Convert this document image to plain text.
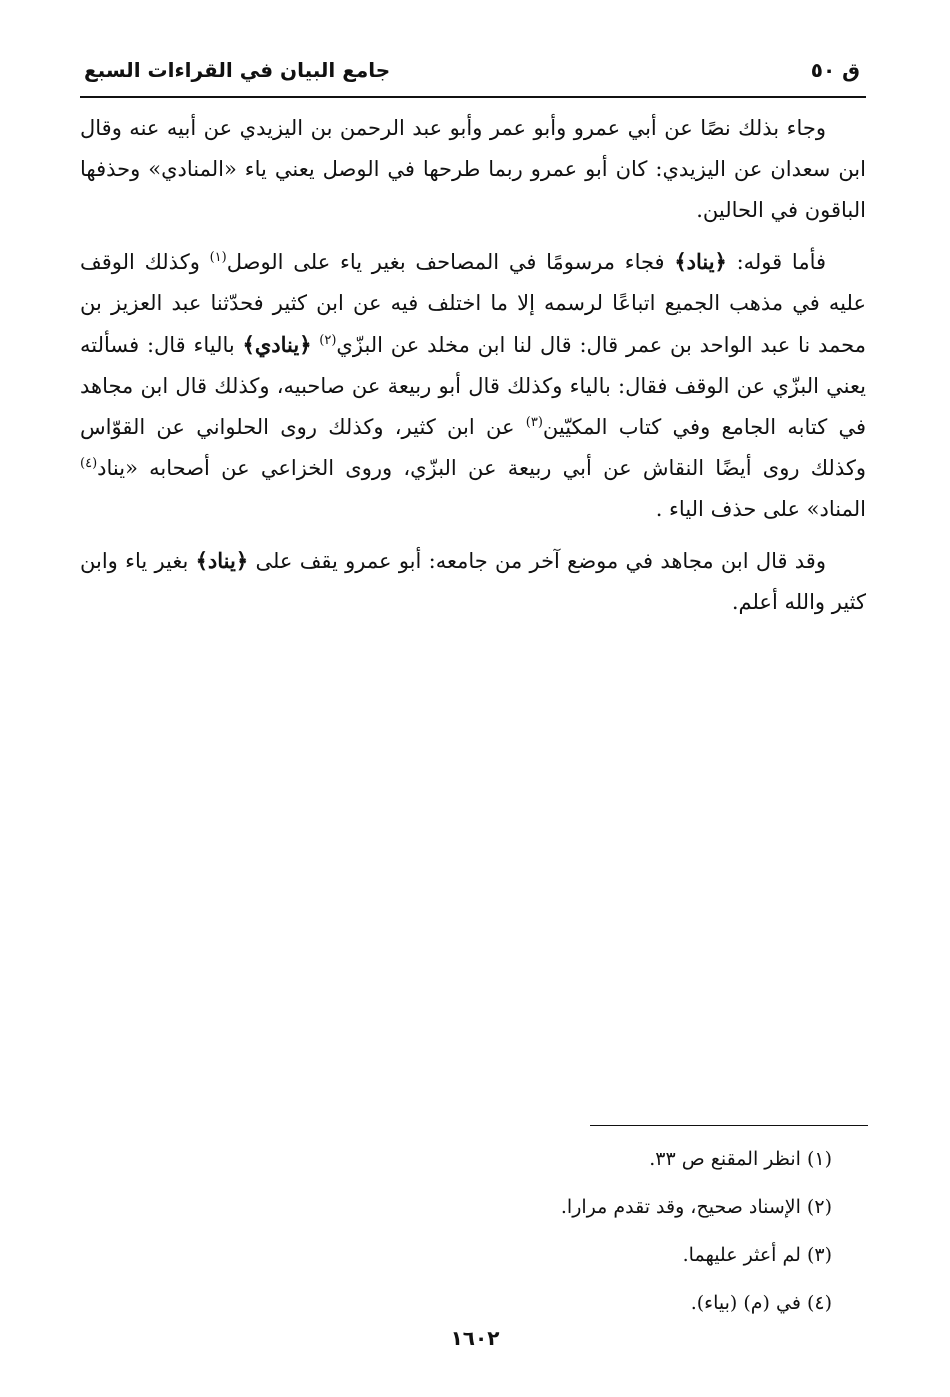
ق ٥٠
جامع البيان في القراءات السبع

وجاء بذلك نصًا عن أبي عمرو وأبو عمر وأبو عبد الرحمن بن اليزيدي عن أبيه عنه وقال ابن سعدان عن اليزيدي: كان أبو عمرو ربما طرحها في الوصل يعني ياء «المنادي» وحذفها الباقون في الحالين.

فأما قوله: ﴿يناد﴾ فجاء مرسومًا في المصاحف بغير ياء على الوصل$^{(١)}$ وكذلك الوقف عليه في مذهب الجميع اتباعًا لرسمه إلا ما اختلف فيه عن ابن كثير فحدّثنا عبد العزيز بن محمد نا عبد الواحد بن عمر قال: قال لنا ابن مخلد عن البزّي$^{(٢)}$ ﴿ينادي﴾ بالياء قال: فسألته يعني البزّي عن الوقف فقال: بالياء وكذلك قال أبو ربيعة عن صاحبيه، وكذلك قال ابن مجاهد في كتابه الجامع وفي كتاب المكيّين$^{(٣)}$ عن ابن كثير، وكذلك روى الحلواني عن القوّاس وكذلك روى أيضًا النقاش عن أبي ربيعة عن البزّي، وروى الخزاعي عن أصحابه «يناد$^{(٤)}$ المناد» على حذف الياء .

وقد قال ابن مجاهد في موضع آخر من جامعه: أبو عمرو يقف على ﴿يناد﴾ بغير ياء وابن كثير والله أعلم.

(١) انظر المقنع ص ٣٣.
(٢) الإسناد صحيح، وقد تقدم مرارا.
(٣) لم أعثر عليهما.
(٤) في (م) (بياء).
١٦٠٢
